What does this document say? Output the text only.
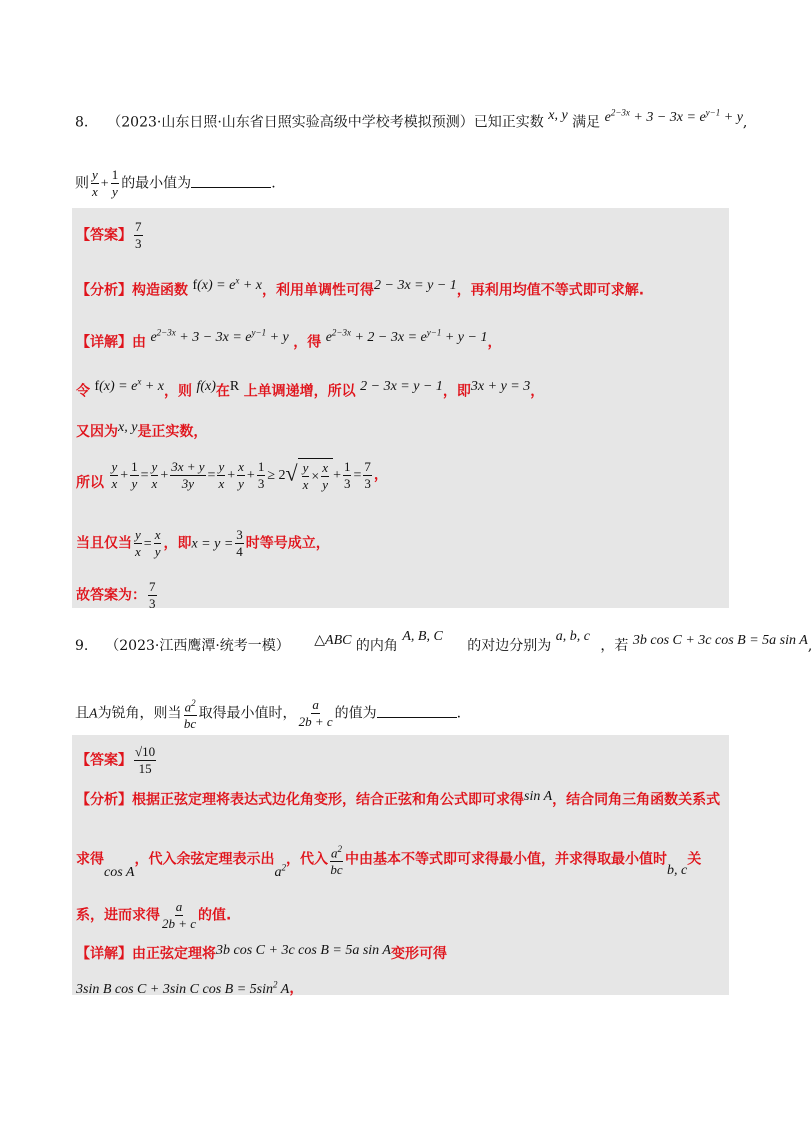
8. （2023·山东日照·山东省日照实验高级中学校考模拟预测）已知正实数 x, y 满足 $e^{2-3x} + 3 - 3x = e^{y-1} + y$,
则 $\frac{y}{x} + \frac{1}{y}$ 的最小值为	.
【答案】 $\frac{7}{3}$
【分析】构造函数 $f(x) = e^x + x$，利用单调性可得2 − 3x = y − 1，再利用均值不等式即可求解.
【详解】由 $e^{2-3x} + 3 - 3x = e^{y-1} + y$ ，得 $e^{2-3x} + 2 - 3x = e^{y-1} + y - 1$，
令 $f(x) = e^x + x$，则 f(x)在R 上单调递增，所以 2 − 3x = y − 1，即3x + y = 3，
又因为x, y是正实数，
所以 $\frac{y}{x} + \frac{1}{y} = \frac{y}{x} + \frac{3x + y}{3y} = \frac{y}{x} + \frac{x}{y} + \frac{1}{3} \ge 2√ \frac{y}{x} \times \frac{x}{y} + \frac{1}{3} = \frac{7}{3}$ ，
当且仅当 $\frac{y}{x} = \frac{x}{y}$ ，即$x = y = \frac{3}{4}$ 时等号成立，
故答案为： $\frac{7}{3}$
9. （2023·江西鹰潭·统考一模） △ABC 的内角 A, B, C 的对边分别为 a, b, c ，若 3b cos C + 3c cos B = 5a sin A,
且A为锐角，则当 $\frac{a^2}{bc}$ 取得最小值时， $\frac{a}{2b + c}$ 的值为	.
【答案】 $\frac{√10}{15}$
【分析】根据正弦定理将表达式边化角变形，结合正弦和角公式即可求得sin A，结合同角三角函数关系式
求得cos A，代入余弦定理表示出$a^2$，代入 $\frac{a^2}{bc}$ 中由基本不等式即可求得最小值，并求得取最小值时b, c关
系，进而求得 $\frac{a}{2b + c}$ 的值.
【详解】由正弦定理将3b cos C + 3c cos B = 5a sin A变形可得
3sin B cos C + 3sin C $\cos B = 5\sin^2$ A，
